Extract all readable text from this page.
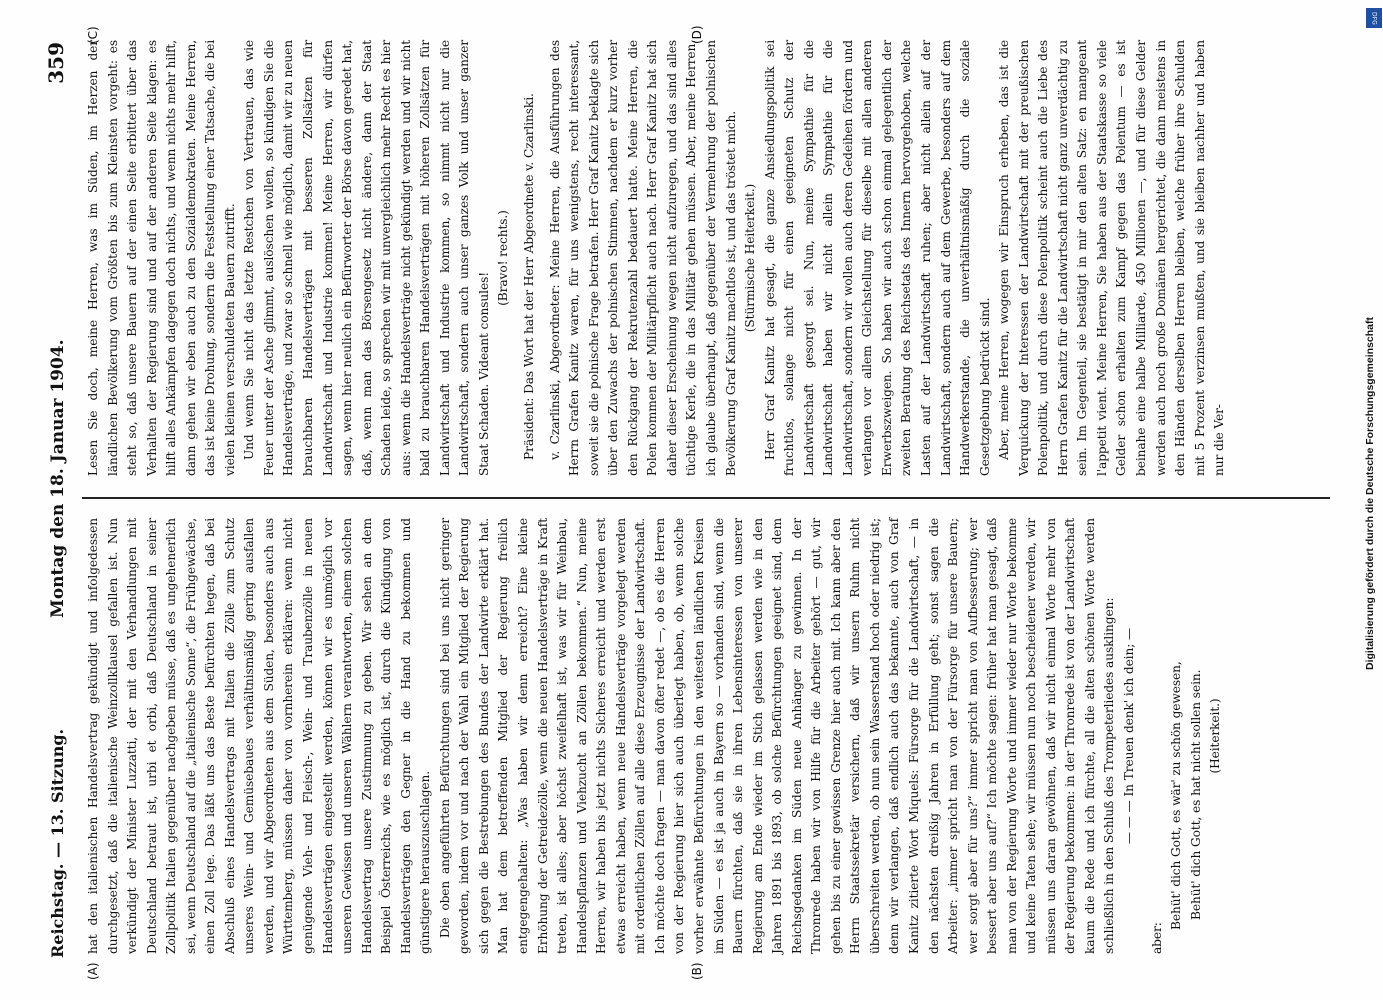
Reichstag. — 13. Sitzung.
Montag den 18. Januar 1904.
359
(A)	(B)
(C)	(D)

hat den italienischen Handelsvertrag gekündigt und infolgedessen durchgesetzt, daß die italienische Weinzollklausel gefallen ist. Nun verkündigt der Minister Luzzatti, der mit den Verhandlungen mit Deutschland betraut ist, urbi et orbi, daß Deutschland in seiner Zollpolitik Italien gegenüber nachgeben müsse, daß es ungehenerlich sei, wenn Deutschland auf die „italienische Sonne“, die Frühgewächse, einen Zoll lege. Das läßt uns das Beste befürchten hegen, daß bei Abschluß eines Handelsvertrags mit Italien die Zölle zum Schutz unseres Wein- und Gemüsebaues verhältnismäßig gering ausfallen werden, und wir Abgeordneten aus dem Süden, besonders auch aus Württemberg, müssen daher von vornherein erklären: wenn nicht genügende Vieh- und Fleisch-, Wein- und Traubenzölle in neuen Handelsverträgen eingestellt werden, können wir es unmöglich vor unseren Gewissen und unseren Wählern verantworten, einem solchen Handelsvertrag unsere Zustimmung zu geben. Wir sehen an dem Beispiel Österreichs, wie es möglich ist, durch die Kündigung von Handelsverträgen den Gegner in die Hand zu bekommen und günstigere herauszuschlagen. Die oben angeführten Befürchtungen sind bei uns nicht geringer geworden, indem vor und nach der Wahl ein Mitglied der Regierung sich gegen die Bestrebungen des Bundes der Landwirte erklärt hat. Man hat dem betreffenden Mitglied der Regierung freilich entgegengehalten: „Was haben wir denn erreicht? Eine kleine Erhöhung der Getreidezölle, wenn die neuen Handelsverträge in Kraft treten, ist alles; aber höchst zweifelhaft ist, was wir für Weinbau, Handelspflanzen und Viehzucht an Zöllen bekommen.“ Nun, meine Herren, wir haben bis jetzt nichts Sicheres erreicht und werden erst etwas erreicht haben, wenn neue Handelsverträge vorgelegt werden mit ordentlichen Zöllen auf alle diese Erzeugnisse der Landwirtschaft. Ich möchte doch fragen — man davon öfter redet —, ob es die Herren von der Regierung hier sich auch überlegt haben, ob, wenn solche vorher erwähnte Befürchtungen in den weitesten ländlichen Kreisen im Süden — es ist ja auch in Bayern so — vorhanden sind, wenn die Bauern fürchten, daß sie in ihren Lebensinteressen von unserer Regierung am Ende wieder im Stich gelassen werden wie in den Jahren 1891 bis 1893, ob solche Befürchtungen geeignet sind, dem Reichsgedanken im Süden neue Anhänger zu gewinnen. In der Thronrede haben wir von Hilfe für die Arbeiter gehört — gut, wir gehen bis zu einer gewissen Grenze hier auch mit. Ich kann aber den Herrn Staatssekretär versichern, daß wir unsern Ruhm nicht überschreiten werden, ob nun sein Wasserstand hoch oder niedrig ist; denn wir verlangen, daß endlich auch das bekannte, auch von Graf Kanitz zitierte Wort Miquels: Fürsorge für die Landwirtschaft, — in den nächsten dreißig Jahren in Erfüllung geht; sonst sagen die Arbeiter: „immer spricht man von der Fürsorge für unsere Bauern; wer sorgt aber für uns?“ immer spricht man von Aufbesserung; wer bessert aber uns auf?“ Ich möchte sagen: früher hat man gesagt, daß man von der Regierung Worte und immer wieder nur Worte bekomme und keine Taten sehe; wir müssen nun noch bescheidener werden, wir müssen uns daran gewöhnen, daß wir nicht einmal Worte mehr von der Regierung bekommen: in der Thronrede ist von der Landwirtschaft kaum die Rede und ich fürchte, all die alten schönen Worte werden schließlich in den Schluß des Trompeterliedes ausklingen: — — — In Treuen denk' ich dein; —

aber:

Behüt' dich Gott, es wär' zu schön gewesen, Behüt' dich Gott, es hat nicht sollen sein. (Heiterkeit.)

Lesen Sie doch, meine Herren, was im Süden, im Herzen der ländlichen Bevölkerung vom Größten bis zum Kleinsten vorgeht: es steht so, daß unsere Bauern auf der einen Seite erbittert über das Verhalten der Regierung sind und auf der anderen Seite klagen: es hilft alles Ankämpfen dagegen doch nichts, und wenn nichts mehr hilft, dann gehen wir eben auch zu den Sozialdemokraten. Meine Herren, das ist keine Drohung, sondern die Feststellung einer Tatsache, die bei vielen kleinen verschuldeten Bauern zutrifft. Und wenn Sie nicht das letzte Restchen von Vertrauen, das wie Feuer unter der Asche glimmt, auslöschen wollen, so kündigen Sie die Handelsverträge, und zwar so schnell wie möglich, damit wir zu neuen brauchbaren Handelsverträgen mit besseren Zollsätzen für Landwirtschaft und Industrie kommen! Meine Herren, wir dürfen sagen, wenn hier neulich ein Befürworter der Börse davon geredet hat, daß, wenn man das Börsengesetz nicht ändere, dann der Staat Schaden leide, so sprechen wir mit unvergleichlich mehr Recht es hier aus: wenn die Handelsverträge nicht gekündigt werden und wir nicht bald zu brauchbaren Handelsverträgen mit höheren Zollsätzen für Landwirtschaft und Industrie kommen, so nimmt nicht nur die Landwirtschaft, sondern auch unser ganzes Volk und unser ganzer Staat Schaden. Videant consules!

(Bravo! rechts.) Präsident: Das Wort hat der Herr Abgeordnete v. Czarlinski. v. Czarlinski, Abgeordneter: Meine Herren, die Ausführungen des Herrn Grafen Kanitz waren, für uns wenigstens, recht interessant, soweit sie die polnische Frage betrafen. Herr Graf Kanitz beklagte sich über den Zuwachs der polnischen Stimmen, nachdem er kurz vorher den Rückgang der Rekrutenzahl bedauert hatte. Meine Herren, die Polen kommen der Militärpflicht auch nach. Herr Graf Kanitz hat sich daher dieser Erscheinung wegen nicht aufzuregen, und das sind alles tüchtige Kerle, die in das Militär gehen müssen. Aber, meine Herren, ich glaube überhaupt, daß gegenüber der Vermehrung der polnischen Bevölkerung Graf Kanitz machtlos ist, und das tröstet mich. (Stürmische Heiterkeit.) Herr Graf Kanitz hat gesagt, die ganze Ansiedlungspolitik sei fruchtlos, solange nicht für einen geeigneten Schutz der Landwirtschaft gesorgt sei. Nun, meine Sympathie für die Landwirtschaft haben wir nicht allein Sympathie für die Landwirtschaft, sondern wir wollen auch deren Gedeihen fördern und verlangen vor allem Gleichstellung für dieselbe mit allen anderen Erwerbszweigen. So haben wir auch schon einmal gelegentlich der zweiten Beratung des Reichsetats des Innern hervorgehoben, welche Lasten auf der Landwirtschaft ruhen; aber nicht allein auf der Landwirtschaft, sondern auch auf dem Gewerbe, besonders auf dem Handwerkerstande, die unverhältnismäßig durch die soziale Gesetzgebung bedrückt sind. Aber, meine Herren, wogegen wir Einspruch erheben, das ist die Verquickung der Interessen der Landwirtschaft mit der preußischen Polenpolitik, und durch diese Polenpolitik scheint auch die Liebe des Herrn Grafen Kanitz für die Landwirtschaft nicht ganz unverdächtig zu sein. Im Gegenteil, sie bestätigt in mir den alten Satz: en mangeant l'appetit vient. Meine Herren, Sie haben aus der Staatskasse so viele Gelder schon erhalten zum Kampf gegen das Polentum — es ist beinahe eine halbe Milliarde, 450 Millionen —, und für diese Gelder werden auch noch große Domänen hergerichtet, die dann meistens in den Händen derselben Herren bleiben, welche früher ihre Schulden mit 5 Prozent verzinsen mußten, und sie bleiben nachher und haben nur die Ver-

DFG
Digitalisierung gefördert durch die Deutsche Forschungsgemeinschaft
